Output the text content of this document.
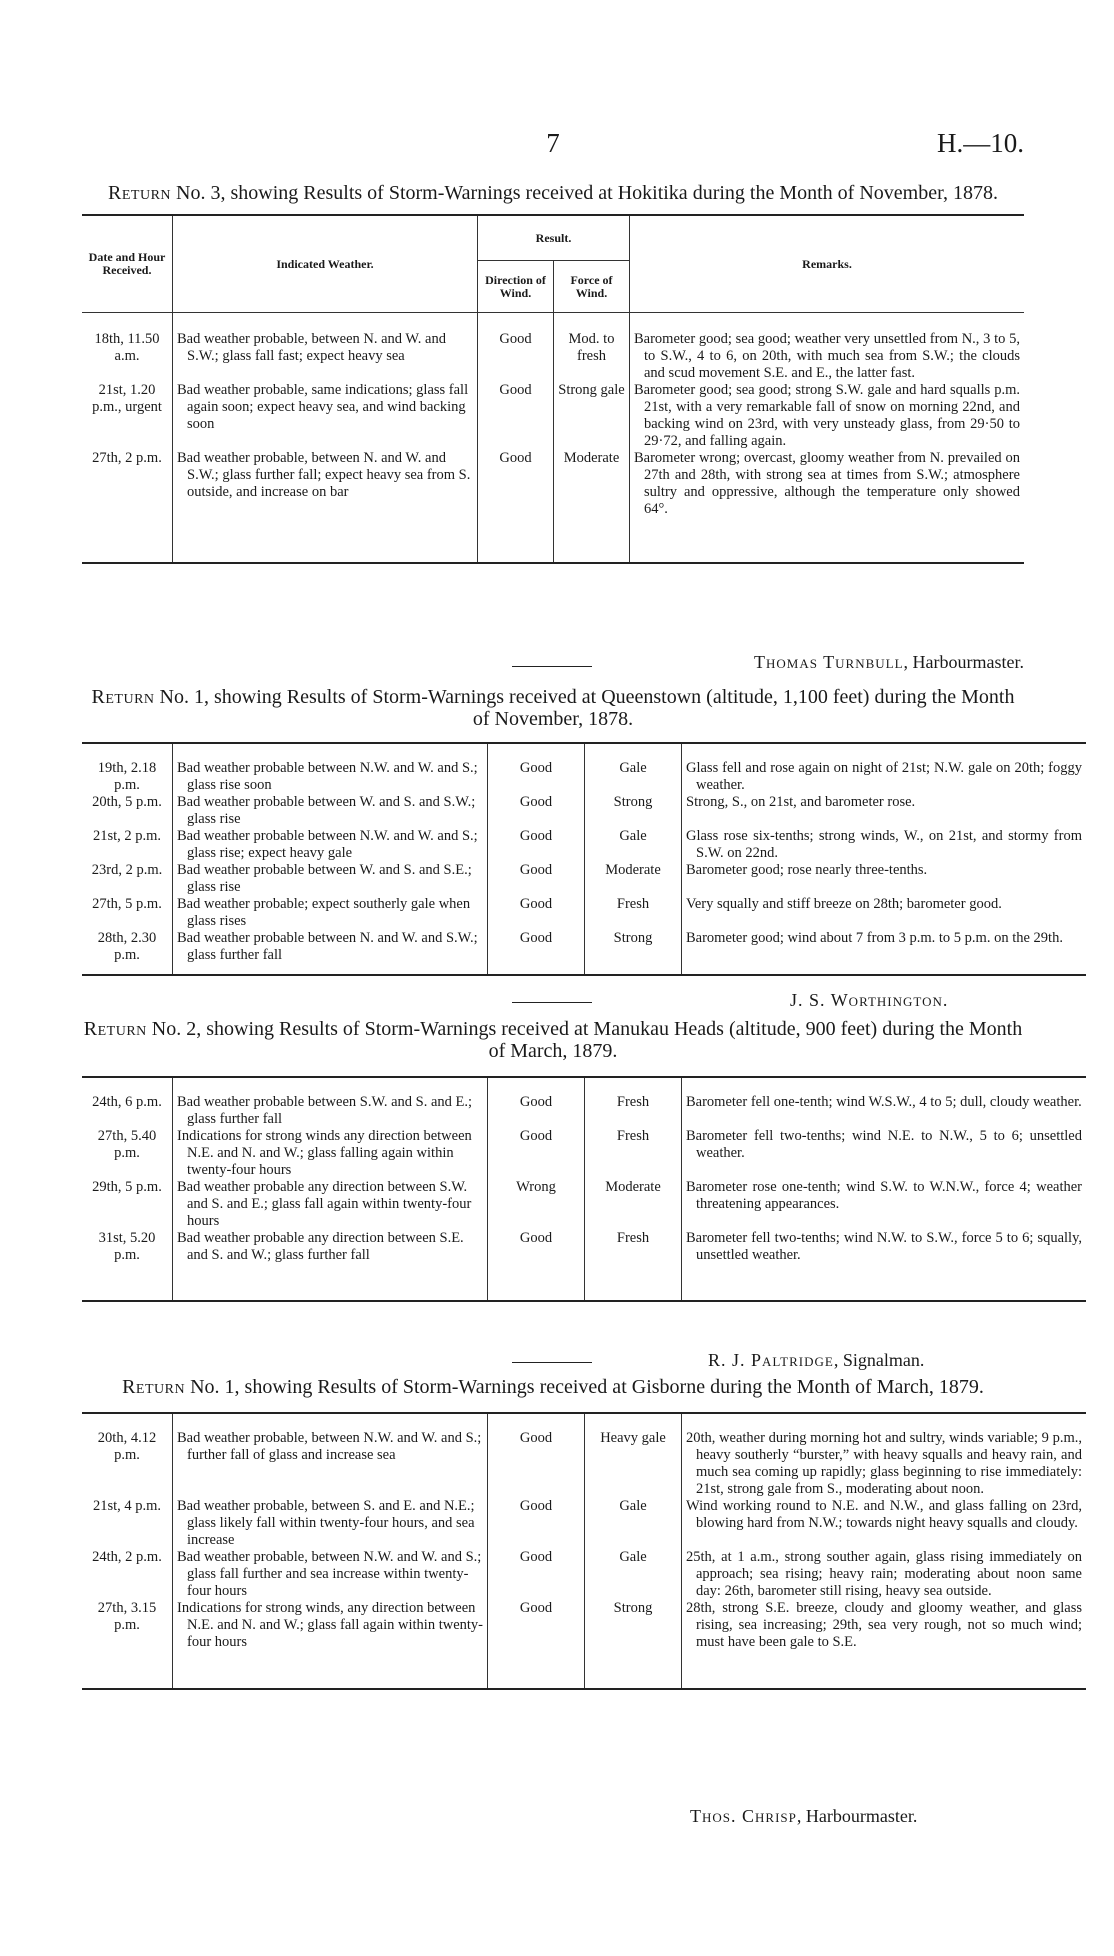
7	H.—10.
Return No. 3, showing Results of Storm-Warnings received at Hokitika during the Month of November, 1878.
Date and Hour Received.	Indicated Weather.	Result.		Remarks.
		Direction of Wind.	Force of Wind.	
18th, 11.50 a.m.	Bad weather probable, between N. and W. and S.W.; glass fall fast; expect heavy sea	Good	Mod. to fresh	Barometer good; sea good; weather very unsettled from N., 3 to 5, to S.W., 4 to 6, on 20th, with much sea from S.W.; the clouds and scud movement S.E. and E., the latter fast.
21st, 1.20 p.m., urgent	Bad weather probable, same indications; glass fall again soon; expect heavy sea, and wind backing soon	Good	Strong gale	Barometer good; sea good; strong S.W. gale and hard squalls p.m. 21st, with a very remarkable fall of snow on morning 22nd, and backing wind on 23rd, with very unsteady glass, from 29·50 to 29·72, and falling again.
27th, 2 p.m.	Bad weather probable, between N. and W. and S.W.; glass further fall; expect heavy sea from S. outside, and increase on bar	Good	Moderate	Barometer wrong; overcast, gloomy weather from N. prevailed on 27th and 28th, with strong sea at times from S.W.; atmosphere sultry and oppressive, although the temperature only showed 64°.
Thomas Turnbull, Harbourmaster.
Return No. 1, showing Results of Storm-Warnings received at Queenstown (altitude, 1,100 feet) during the Month of November, 1878.
19th, 2.18 p.m.	Bad weather probable between N.W. and W. and S.; glass rise soon	Good	Gale	Glass fell and rose again on night of 21st; N.W. gale on 20th; foggy weather.
20th, 5 p.m.	Bad weather probable between W. and S. and S.W.; glass rise	Good	Strong	Strong, S., on 21st, and barometer rose.
21st, 2 p.m.	Bad weather probable between N.W. and W. and S.; glass rise; expect heavy gale	Good	Gale	Glass rose six-tenths; strong winds, W., on 21st, and stormy from S.W. on 22nd.
23rd, 2 p.m.	Bad weather probable between W. and S. and S.E.; glass rise	Good	Moderate	Barometer good; rose nearly three-tenths.
27th, 5 p.m.	Bad weather probable; expect southerly gale when glass rises	Good	Fresh	Very squally and stiff breeze on 28th; barometer good.
28th, 2.30 p.m.	Bad weather probable between N. and W. and S.W.; glass further fall	Good	Strong	Barometer good; wind about 7 from 3 p.m. to 5 p.m. on the 29th.
J. S. Worthington.
Return No. 2, showing Results of Storm-Warnings received at Manukau Heads (altitude, 900 feet) during the Month of March, 1879.
24th, 6 p.m.	Bad weather probable between S.W. and S. and E.; glass further fall	Good	Fresh	Barometer fell one-tenth; wind W.S.W., 4 to 5; dull, cloudy weather.
27th, 5.40 p.m.	Indications for strong winds any direction between N.E. and N. and W.; glass falling again within twenty-four hours	Good	Fresh	Barometer fell two-tenths; wind N.E. to N.W., 5 to 6; unsettled weather.
29th, 5 p.m.	Bad weather probable any direction between S.W. and S. and E.; glass fall again within twenty-four hours	Wrong	Moderate	Barometer rose one-tenth; wind S.W. to W.N.W., force 4; weather threatening appearances.
31st, 5.20 p.m.	Bad weather probable any direction between S.E. and S. and W.; glass further fall	Good	Fresh	Barometer fell two-tenths; wind N.W. to S.W., force 5 to 6; squally, unsettled weather.
R. J. Paltridge, Signalman.
Return No. 1, showing Results of Storm-Warnings received at Gisborne during the Month of March, 1879.
20th, 4.12 p.m.	Bad weather probable, between N.W. and W. and S.; further fall of glass and increase sea	Good	Heavy gale	20th, weather during morning hot and sultry, winds variable; 9 p.m., heavy southerly “burster,” with heavy squalls and heavy rain, and much sea coming up rapidly; glass beginning to rise immediately: 21st, strong gale from S., moderating about noon.
21st, 4 p.m.	Bad weather probable, between S. and E. and N.E.; glass likely fall within twenty-four hours, and sea increase	Good	Gale	Wind working round to N.E. and N.W., and glass falling on 23rd, blowing hard from N.W.; towards night heavy squalls and cloudy.
24th, 2 p.m.	Bad weather probable, between N.W. and W. and S.; glass fall further and sea increase within twenty-four hours	Good	Gale	25th, at 1 a.m., strong souther again, glass rising immediately on approach; sea rising; heavy rain; moderating about noon same day: 26th, barometer still rising, heavy sea outside.
27th, 3.15 p.m.	Indications for strong winds, any direction between N.E. and N. and W.; glass fall again within twenty-four hours	Good	Strong	28th, strong S.E. breeze, cloudy and gloomy weather, and glass rising, sea increasing; 29th, sea very rough, not so much wind; must have been gale to S.E.
Thos. Chrisp, Harbourmaster.
